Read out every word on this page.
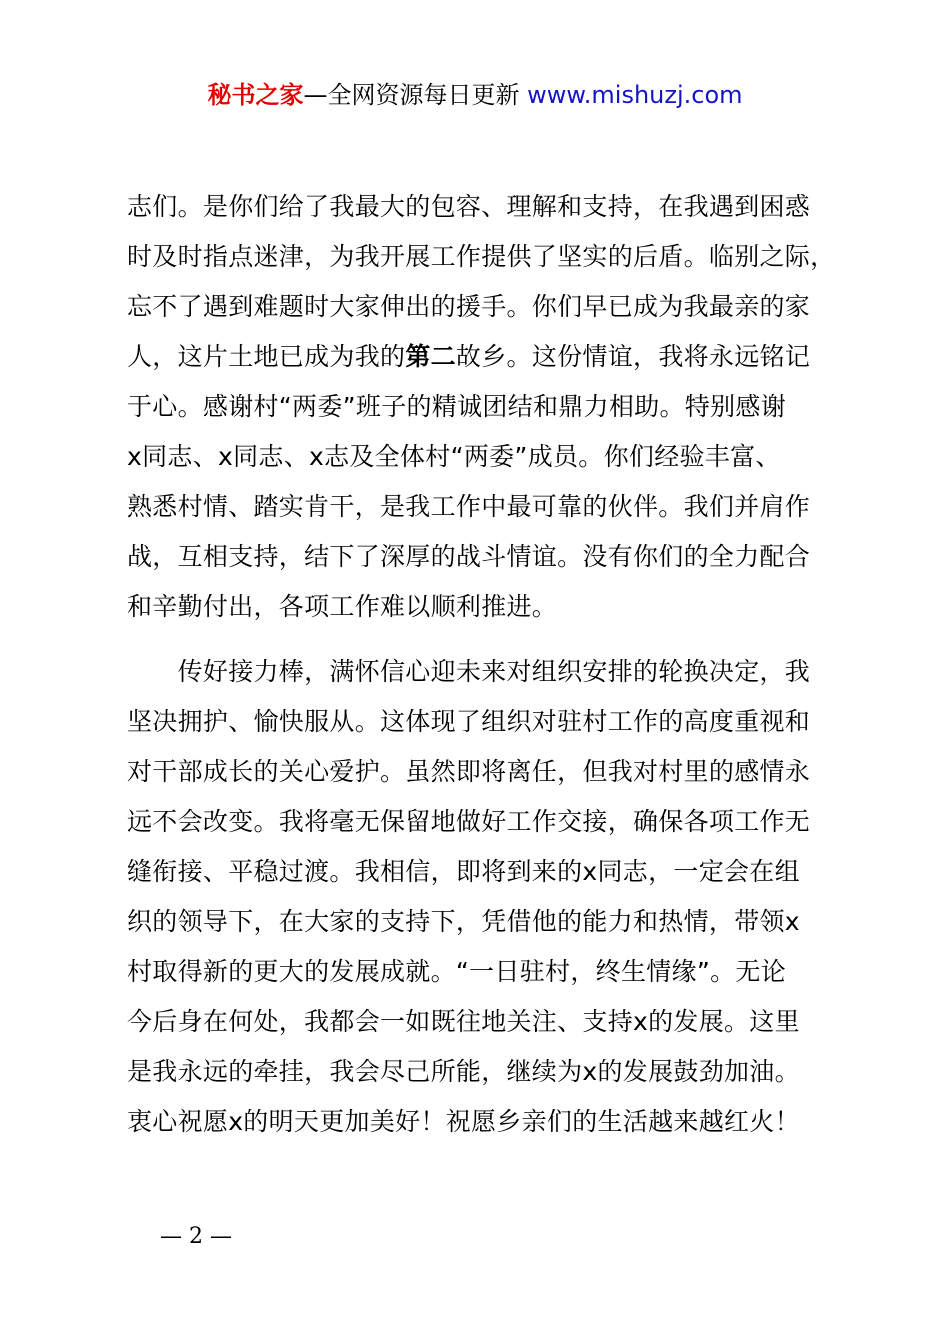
秘书之家—全网资源每日更新 www.mishuzj.com
志们。是你们给了我最大的包容、理解和支持，在我遇到困惑
时及时指点迷津，为我开展工作提供了坚实的后盾。临别之际，
忘不了遇到难题时大家伸出的援手。你们早已成为我最亲的家
人，这片土地已成为我的第二故乡。这份情谊，我将永远铭记
于心。感谢村“两委”班子的精诚团结和鼎力相助。特别感谢
x同志、x同志、x志及全体村“两委”成员。你们经验丰富、
熟悉村情、踏实肯干，是我工作中最可靠的伙伴。我们并肩作
战，互相支持，结下了深厚的战斗情谊。没有你们的全力配合
和辛勤付出，各项工作难以顺利推进。
　　传好接力棒，满怀信心迎未来对组织安排的轮换决定，我
坚决拥护、愉快服从。这体现了组织对驻村工作的高度重视和
对干部成长的关心爱护。虽然即将离任，但我对村里的感情永
远不会改变。我将毫无保留地做好工作交接，确保各项工作无
缝衔接、平稳过渡。我相信，即将到来的x同志，一定会在组
织的领导下，在大家的支持下，凭借他的能力和热情，带领x
村取得新的更大的发展成就。“一日驻村，终生情缘”。无论
今后身在何处，我都会一如既往地关注、支持x的发展。这里
是我永远的牵挂，我会尽己所能，继续为x的发展鼓劲加油。
衷心祝愿x的明天更加美好！祝愿乡亲们的生活越来越红火！
— 2 —
